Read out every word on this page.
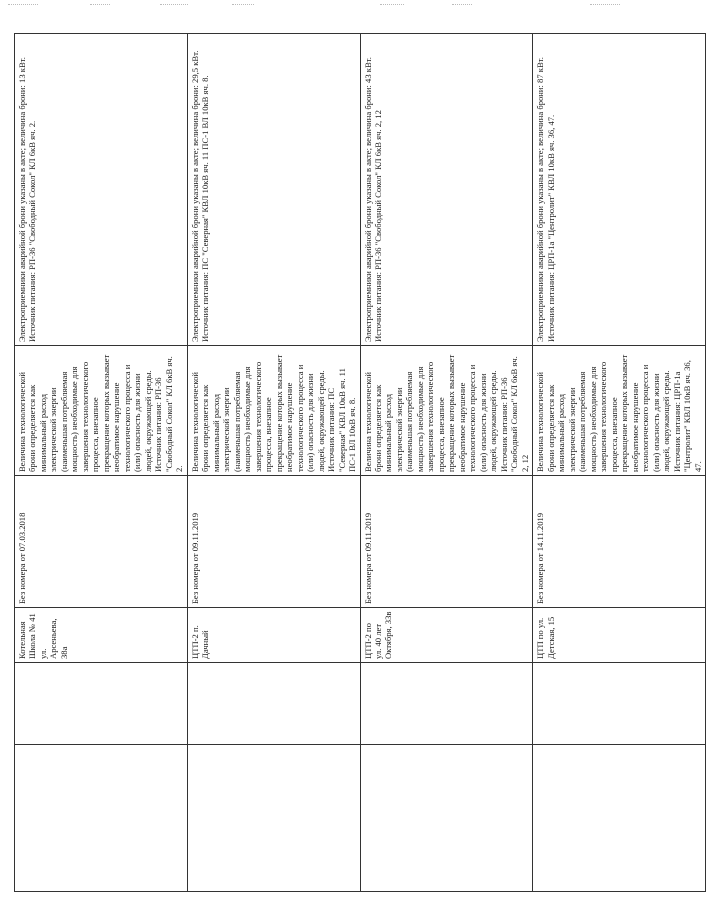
		Котельная Школа № 41 ул. Арсеньева, 38а	Без номера от 07.03.2018	Величина технологической брони определяется как минимальный расход электрической энергии (наименьшая потребляемая мощность) необходимые для завершения технологического процесса, внезапное прекращение которых вызывает необратимое нарушение технологического процесса и (или) опасность для жизни людей, окружающей среды. Источник питания: РП-36 "Свободный Сокол" КЛ 6кВ яч. 2.	Электроприемники аварийной брони указаны в акте; величина брони: 13 кВт. Источник питания: РП-36 "Свободный Сокол" КЛ 6кВ яч. 2.
		ЦТП-2 п. Дачный	Без номера от 09.11.2019	Величина технологической брони определяется как минимальный расход электрической энергии (наименьшая потребляемая мощность) необходимые для завершения технологического процесса, внезапное прекращение которых вызывает необратимое нарушение технологического процесса и (или) опасность для жизни людей, окружающей среды. Источник питания: ПС "Северная" КВЛ 10кВ яч. 11 ПС-1 ВЛ 10кВ яч. 8.	Электроприемники аварийной брони указаны в акте; величина брони: 29,5 кВт. Источник питания: ПС "Северная" КВЛ 10кВ яч. 11 ПС-1 ВЛ 10кВ яч. 8.
		ЦТП-2 по ул. 40 лет Октября, 33в	Без номера от 09.11.2019	Величина технологической брони определяется как минимальный расход электрической энергии (наименьшая потребляемая мощность) необходимые для завершения технологического процесса, внезапное прекращение которых вызывает необратимое нарушение технологического процесса и (или) опасность для жизни людей, окружающей среды. Источник питания: РП-36 "Свободный Сокол" КЛ 6кВ яч. 2, 12	Электроприемники аварийной брони указаны в акте; величина брони: 43 кВт. Источник питания: РП-36 "Свободный Сокол" КЛ 6кВ яч. 2, 12
		ЦТП по ул. Детская, 15	Без номера от 14.11.2019	Величина технологической брони определяется как минимальный расход электрической энергии (наименьшая потребляемая мощность) необходимые для завершения технологического процесса, внезапное прекращение которых вызывает необратимое нарушение технологического процесса и (или) опасность для жизни людей, окружающей среды. Источник питания: ЦРП-1а "Центролит" КВЛ 10кВ яч. 36, 47.	Электроприемники аварийной брони указаны в акте; величина брони: 87 кВт. Источник питания: ЦРП-1а "Центролит" КВЛ 10кВ яч. 36, 47.
